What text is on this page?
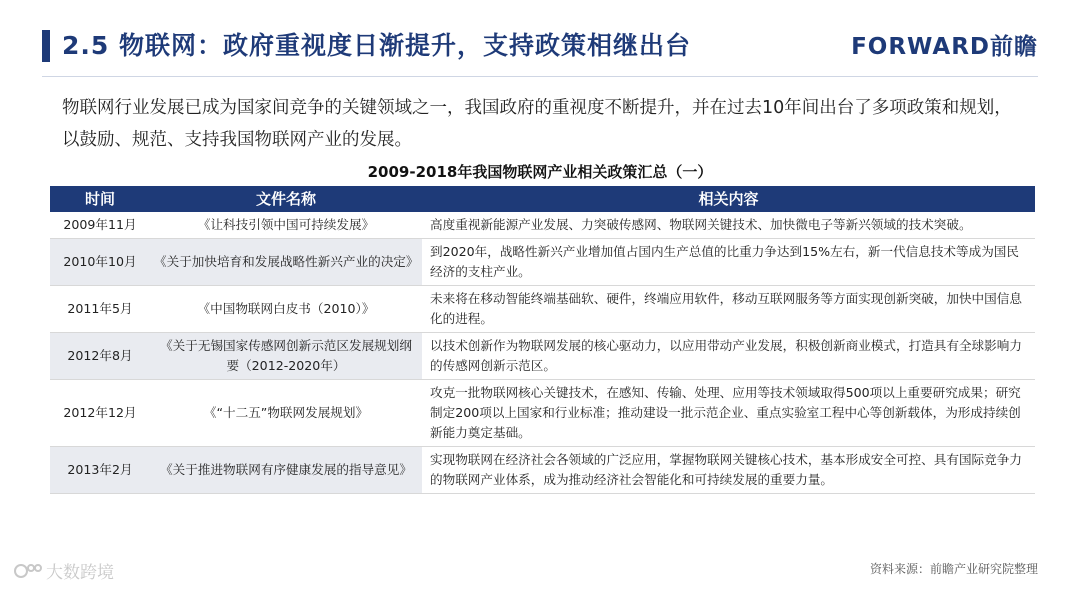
2.5 物联网：政府重视度日渐提升，支持政策相继出台	FORWARD前瞻
物联网行业发展已成为国家间竞争的关键领域之一，我国政府的重视度不断提升，并在过去10年间出台了多项政策和规划，以鼓励、规范、支持我国物联网产业的发展。
2009-2018年我国物联网产业相关政策汇总（一）
时间	文件名称	相关内容
2009年11月	《让科技引领中国可持续发展》	高度重视新能源产业发展、力突破传感网、物联网关键技术、加快微电子等新兴领域的技术突破。
2010年10月	《关于加快培育和发展战略性新兴产业的决定》	到2020年，战略性新兴产业增加值占国内生产总值的比重力争达到15%左右，新一代信息技术等成为国民经济的支柱产业。
2011年5月	《中国物联网白皮书（2010）》	未来将在移动智能终端基础软、硬件，终端应用软件，移动互联网服务等方面实现创新突破，加快中国信息化的进程。
2012年8月	《关于无锡国家传感网创新示范区发展规划纲要（2012-2020年）	以技术创新作为物联网发展的核心驱动力，以应用带动产业发展，积极创新商业模式，打造具有全球影响力的传感网创新示范区。
2012年12月	《“十二五”物联网发展规划》	攻克一批物联网核心关键技术，在感知、传输、处理、应用等技术领域取得500项以上重要研究成果；研究制定200项以上国家和行业标准；推动建设一批示范企业、重点实验室工程中心等创新载体，为形成持续创新能力奠定基础。
2013年2月	《关于推进物联网有序健康发展的指导意见》	实现物联网在经济社会各领域的广泛应用，掌握物联网关键核心技术，基本形成安全可控、具有国际竞争力的物联网产业体系，成为推动经济社会智能化和可持续发展的重要力量。
大数跨境	资料来源：前瞻产业研究院整理
